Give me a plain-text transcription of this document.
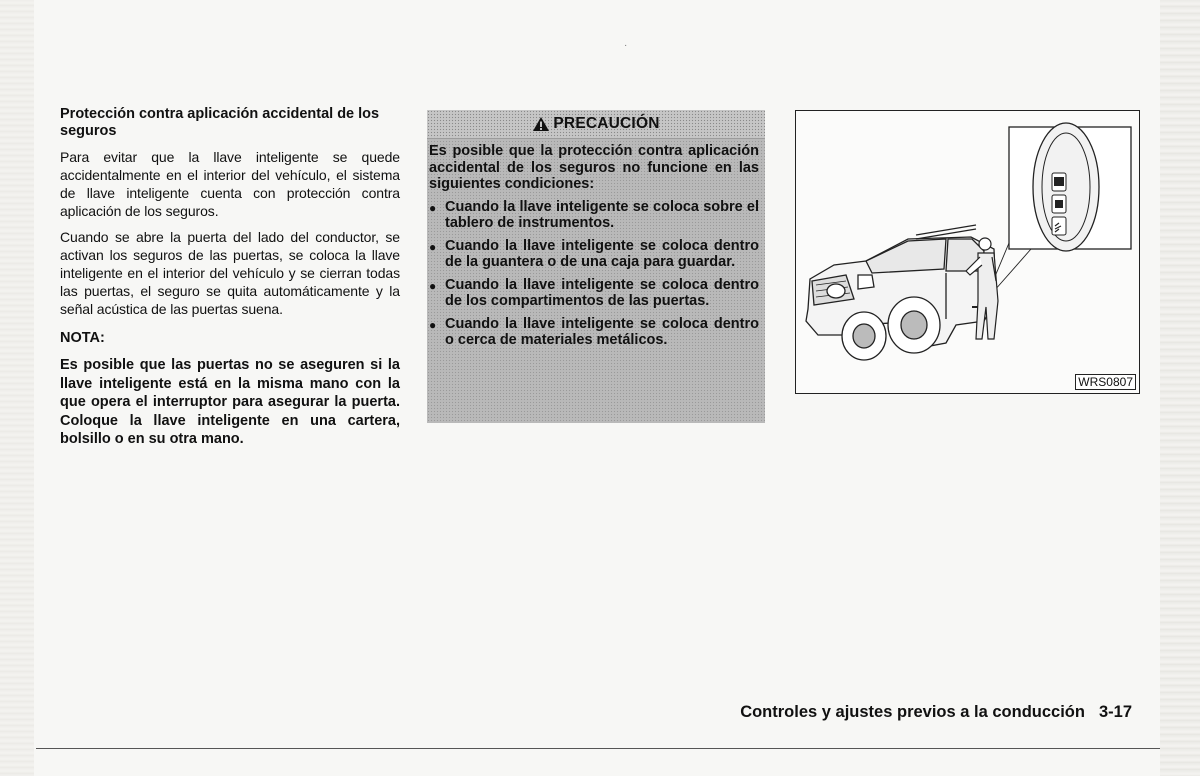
·
Protección contra aplicación accidental de los seguros

Para evitar que la llave inteligente se quede accidentalmente en el interior del vehículo, el sistema de llave inteligente cuenta con protección contra aplicación de los seguros.

Cuando se abre la puerta del lado del conductor, se activan los seguros de las puertas, se coloca la llave inteligente en el interior del vehículo y se cierran todas las puertas, el seguro se quita automáticamente y la señal acústica de las puertas suena.

NOTA:

Es posible que las puertas no se aseguren si la llave inteligente está en la misma mano con la que opera el interruptor para asegurar la puerta. Coloque la llave inteligente en una cartera, bolsillo o en su otra mano.

PRECAUCIÓN

Es posible que la protección contra aplicación accidental de los seguros no funcione en las siguientes condiciones:

● Cuando la llave inteligente se coloca sobre el tablero de instrumentos.
● Cuando la llave inteligente se coloca dentro de la guantera o de una caja para guardar.
● Cuando la llave inteligente se coloca dentro de los compartimentos de las puertas.
● Cuando la llave inteligente se coloca dentro o cerca de materiales metálicos.
WRS0807
Controles y ajustes previos a la conducción 3-17
